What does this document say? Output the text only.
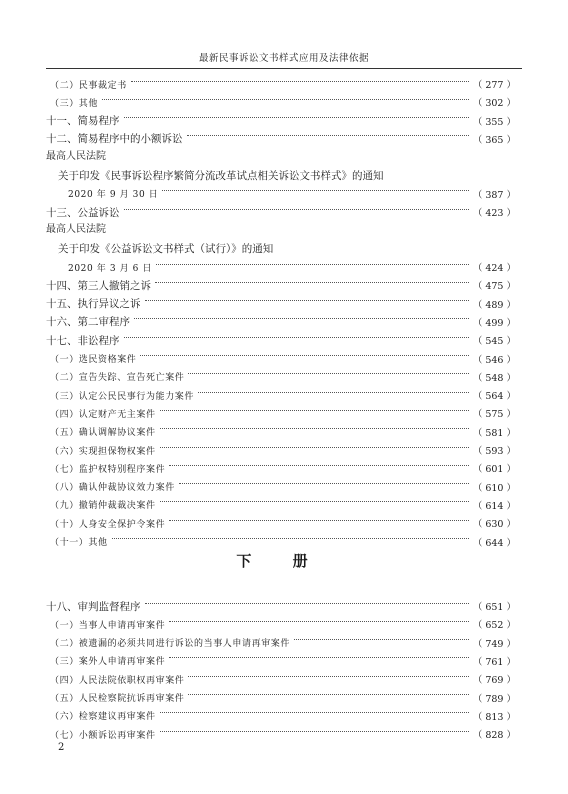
最新民事诉讼文书样式应用及法律依据
（二）民事裁定书	（ 277 ）
（三）其他	（ 302 ）
十一、简易程序	（ 355 ）
十二、简易程序中的小额诉讼	（ 365 ）
最高人民法院
关于印发《民事诉讼程序繁简分流改革试点相关诉讼文书样式》的通知
2020 年 9 月 30 日	（ 387 ）
十三、公益诉讼	（ 423 ）
最高人民法院
关于印发《公益诉讼文书样式（试行）》的通知
2020 年 3 月 6 日	（ 424 ）
十四、第三人撤销之诉	（ 475 ）
十五、执行异议之诉	（ 489 ）
十六、第二审程序	（ 499 ）
十七、非讼程序	（ 545 ）
（一）选民资格案件	（ 546 ）
（二）宣告失踪、宣告死亡案件	（ 548 ）
（三）认定公民民事行为能力案件	（ 564 ）
（四）认定财产无主案件	（ 575 ）
（五）确认调解协议案件	（ 581 ）
（六）实现担保物权案件	（ 593 ）
（七）监护权特别程序案件	（ 601 ）
（八）确认仲裁协议效力案件	（ 610 ）
（九）撤销仲裁裁决案件	（ 614 ）
（十）人身安全保护令案件	（ 630 ）
（十一）其他	（ 644 ）
下 册
十八、审判监督程序	（ 651 ）
（一）当事人申请再审案件	（ 652 ）
（二）被遗漏的必须共同进行诉讼的当事人申请再审案件	（ 749 ）
（三）案外人申请再审案件	（ 761 ）
（四）人民法院依职权再审案件	（ 769 ）
（五）人民检察院抗诉再审案件	（ 789 ）
（六）检察建议再审案件	（ 813 ）
（七）小额诉讼再审案件	（ 828 ）
2
